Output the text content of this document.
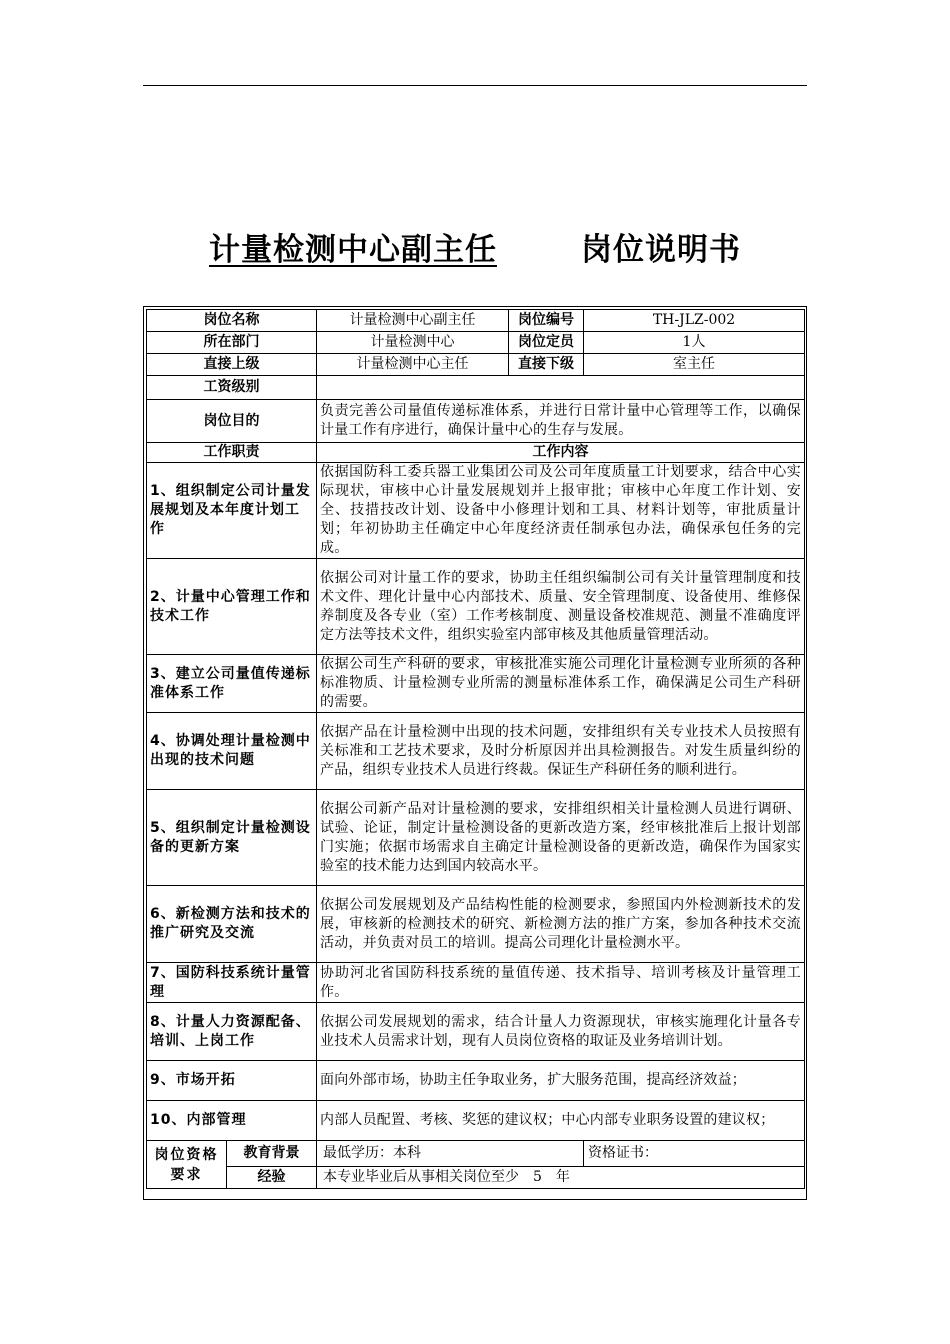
计量检测中心副主任	岗位说明书

岗位名称		计量检测中心副主任	岗位编号	TH-JLZ-002	
所在部门		计量检测中心	岗位定员	1人	
直接上级		计量检测中心主任	直接下级	室主任	
工资级别					
岗位目的		负责完善公司量值传递标准体系，并进行日常计量中心管理等工作，以确保计量工作有序进行，确保计量中心的生存与发展。			
工作职责		工作内容			
1、组织制定公司计量发展规划及本年度计划工作		依据国防科工委兵器工业集团公司及公司年度质量工计划要求，结合中心实际现状，审核中心计量发展规划并上报审批；审核中心年度工作计划、安全、技措技改计划、设备中小修理计划和工具、材料计划等，审批质量计划；年初协助主任确定中心年度经济责任制承包办法，确保承包任务的完成。			
2、计量中心管理工作和技术工作		依据公司对计量工作的要求，协助主任组织编制公司有关计量管理制度和技术文件、理化计量中心内部技术、质量、安全管理制度、设备使用、维修保养制度及各专业（室）工作考核制度、测量设备校准规范、测量不准确度评定方法等技术文件，组织实验室内部审核及其他质量管理活动。			
3、建立公司量值传递标准体系工作		依据公司生产科研的要求，审核批准实施公司理化计量检测专业所须的各种标准物质、计量检测专业所需的测量标准体系工作，确保满足公司生产科研的需要。			
4、协调处理计量检测中出现的技术问题		依据产品在计量检测中出现的技术问题，安排组织有关专业技术人员按照有关标准和工艺技术要求，及时分析原因并出具检测报告。对发生质量纠纷的产品，组织专业技术人员进行终裁。保证生产科研任务的顺利进行。			
5、组织制定计量检测设备的更新方案		依据公司新产品对计量检测的要求，安排组织相关计量检测人员进行调研、试验、论证，制定计量检测设备的更新改造方案，经审核批准后上报计划部门实施；依据市场需求自主确定计量检测设备的更新改造，确保作为国家实验室的技术能力达到国内较高水平。			
6、新检测方法和技术的推广研究及交流		依据公司发展规划及产品结构性能的检测要求，参照国内外检测新技术的发展，审核新的检测技术的研究、新检测方法的推广方案，参加各种技术交流活动，并负责对员工的培训。提高公司理化计量检测水平。			
7、国防科技系统计量管理		协助河北省国防科技系统的量值传递、技术指导、培训考核及计量管理工作。			
8、计量人力资源配备、培训、上岗工作		依据公司发展规划的需求，结合计量人力资源现状，审核实施理化计量各专业技术人员需求计划，现有人员岗位资格的取证及业务培训计划。			
9、市场开拓		面向外部市场，协助主任争取业务，扩大服务范围，提高经济效益；			
10、内部管理		内部人员配置、考核、奖惩的建议权；中心内部专业职务设置的建议权；			
岗位资格要求	教育背景	最低学历：本科		资格证书：	
	经验	本专业毕业后从事相关岗位至少　5　年			
